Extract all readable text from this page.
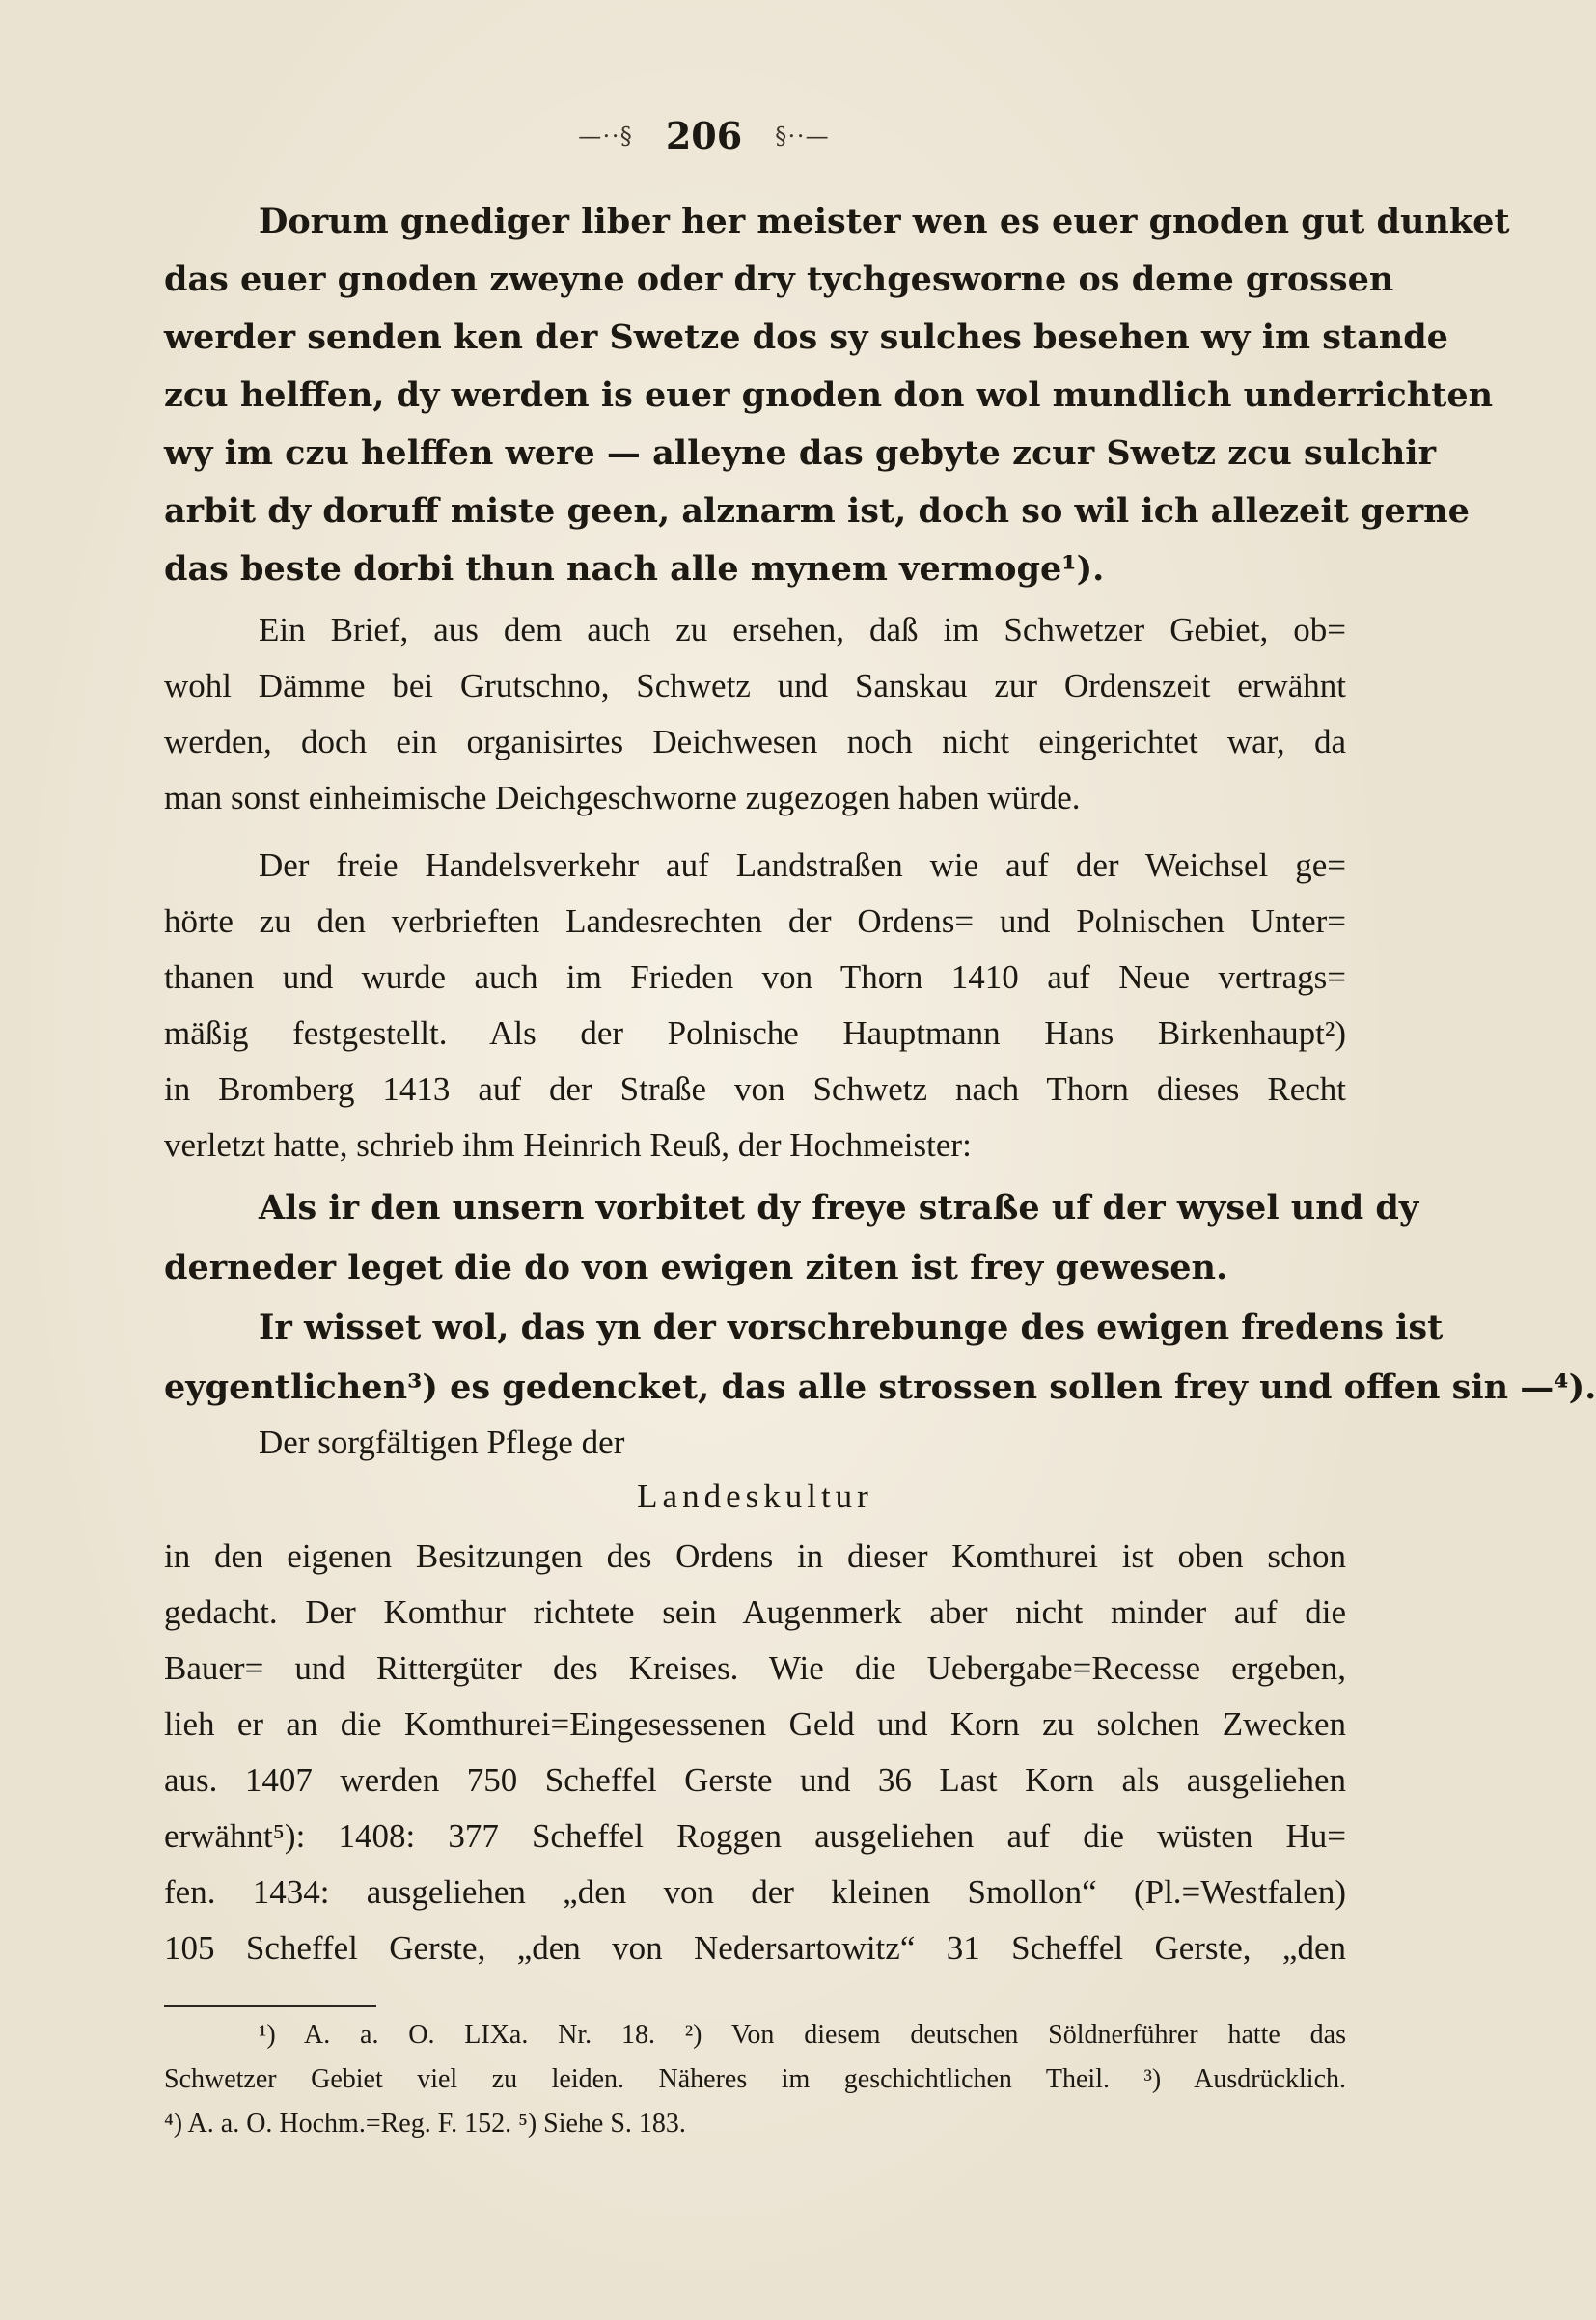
—⋅⋅§ 206 §⋅⋅—
Dorum gnediger liber her meister wen es euer gnoden gut dunket
das euer gnoden zweyne oder dry tychgesworne os deme grossen
werder senden ken der Swetze dos sy sulches besehen wy im stande
zcu helffen, dy werden is euer gnoden don wol mundlich underrichten
wy im czu helffen were — alleyne das gebyte zcur Swetz zcu sulchir
arbit dy doruff miste geen, alznarm ist, doch so wil ich allezeit gerne
das beste dorbi thun nach alle mynem vermoge¹).
Ein Brief, aus dem auch zu ersehen, daß im Schwetzer Gebiet, ob=
wohl Dämme bei Grutschno, Schwetz und Sanskau zur Ordenszeit erwähnt
werden, doch ein organisirtes Deichwesen noch nicht eingerichtet war, da
man sonst einheimische Deichgeschworne zugezogen haben würde.
Der freie Handelsverkehr auf Landstraßen wie auf der Weichsel ge=
hörte zu den verbrieften Landesrechten der Ordens= und Polnischen Unter=
thanen und wurde auch im Frieden von Thorn 1410 auf Neue vertrags=
mäßig festgestellt. Als der Polnische Hauptmann Hans Birkenhaupt²)
in Bromberg 1413 auf der Straße von Schwetz nach Thorn dieses Recht
verletzt hatte, schrieb ihm Heinrich Reuß, der Hochmeister:
Als ir den unsern vorbitet dy freye straße uf der wysel und dy
derneder leget die do von ewigen ziten ist frey gewesen.
Ir wisset wol, das yn der vorschrebunge des ewigen fredens ist
eygentlichen³) es gedencket, das alle strossen sollen frey und offen sin —⁴).
Der sorgfältigen Pflege der
Landeskultur
in den eigenen Besitzungen des Ordens in dieser Komthurei ist oben schon
gedacht. Der Komthur richtete sein Augenmerk aber nicht minder auf die
Bauer= und Rittergüter des Kreises. Wie die Uebergabe=Recesse ergeben,
lieh er an die Komthurei=Eingesessenen Geld und Korn zu solchen Zwecken
aus. 1407 werden 750 Scheffel Gerste und 36 Last Korn als ausgeliehen
erwähnt⁵): 1408: 377 Scheffel Roggen ausgeliehen auf die wüsten Hu=
fen. 1434: ausgeliehen „den von der kleinen Smollon“ (Pl.=Westfalen)
105 Scheffel Gerste, „den von Nedersartowitz“ 31 Scheffel Gerste, „den
¹) A. a. O. LIXa. Nr. 18. ²) Von diesem deutschen Söldnerführer hatte das
Schwetzer Gebiet viel zu leiden. Näheres im geschichtlichen Theil. ³) Ausdrücklich.
⁴) A. a. O. Hochm.=Reg. F. 152. ⁵) Siehe S. 183.
